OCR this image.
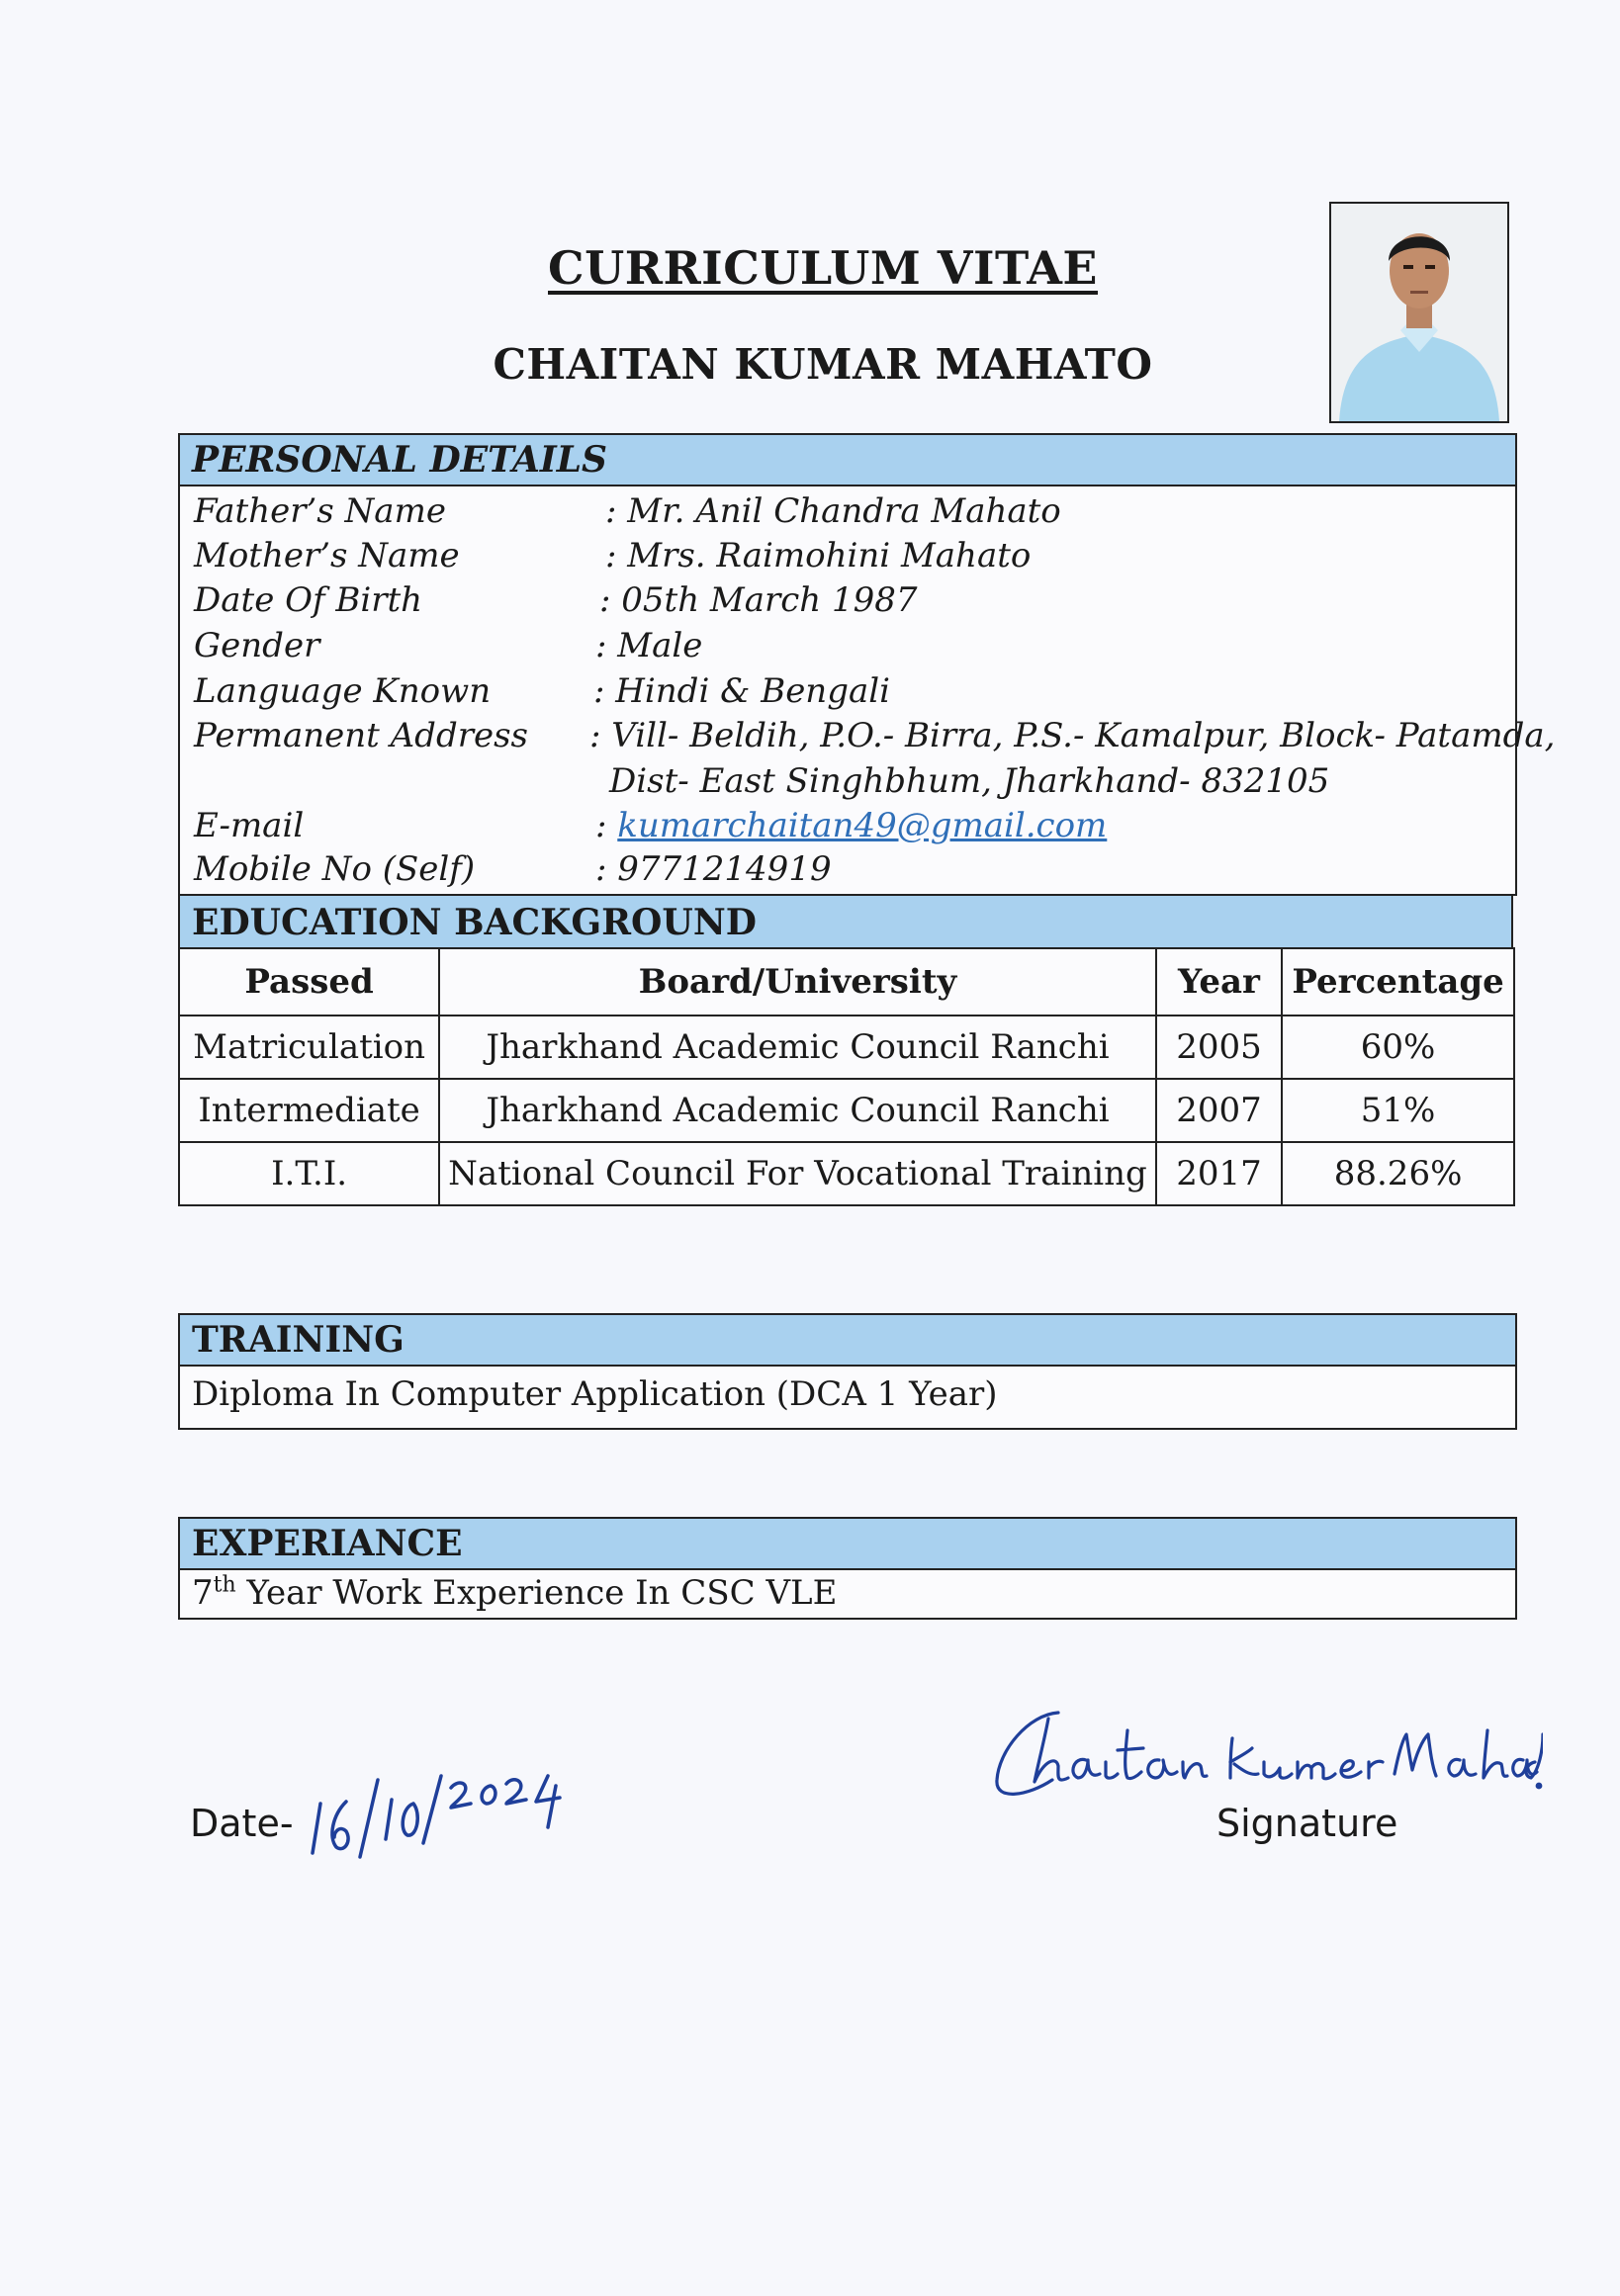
CURRICULUM VITAE
CHAITAN KUMAR MAHATO
PERSONAL DETAILS
Father’s Name	: Mr. Anil Chandra Mahato
Mother’s Name	: Mrs. Raimohini Mahato
Date Of Birth	: 05th March 1987
Gender	: Male
Language Known	: Hindi & Bengali
Permanent Address : Vill- Beldih, P.O.- Birra, P.S.- Kamalpur, Block- Patamda,
Dist- East Singhbhum, Jharkhand- 832105
E-mail	: kumarchaitan49@gmail.com
Mobile No (Self)	: 9771214919
EDUCATION BACKGROUND
Passed	Board/University	Year	Percentage
Matriculation	Jharkhand Academic Council Ranchi	2005	60%
Intermediate	Jharkhand Academic Council Ranchi	2007	51%
I.T.I.	National Council For Vocational Training	2017	88.26%
TRAINING
Diploma In Computer Application (DCA 1 Year)
EXPERIANCE
7th Year Work Experience In CSC VLE
Date-	Signature
